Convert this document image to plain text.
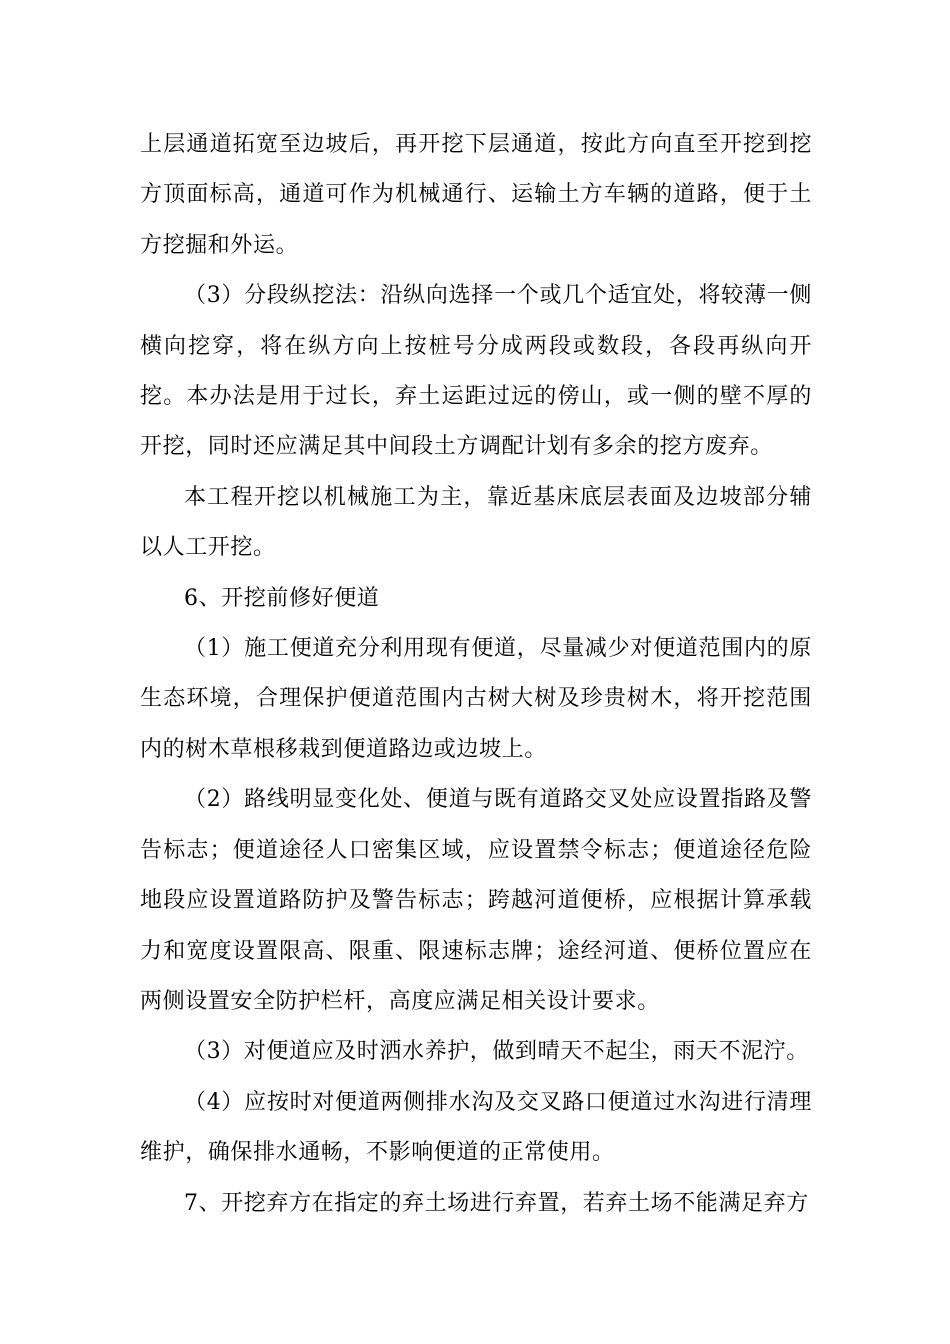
上层通道拓宽至边坡后，再开挖下层通道，按此方向直至开挖到挖方顶面标高，通道可作为机械通行、运输土方车辆的道路，便于土方挖掘和外运。

（3）分段纵挖法：沿纵向选择一个或几个适宜处，将较薄一侧横向挖穿，将在纵方向上按桩号分成两段或数段，各段再纵向开挖。本办法是用于过长，弃土运距过远的傍山，或一侧的壁不厚的开挖，同时还应满足其中间段土方调配计划有多余的挖方废弃。

本工程开挖以机械施工为主，靠近基床底层表面及边坡部分辅以人工开挖。

6、开挖前修好便道

（1）施工便道充分利用现有便道，尽量减少对便道范围内的原生态环境，合理保护便道范围内古树大树及珍贵树木，将开挖范围内的树木草根移栽到便道路边或边坡上。

（2）路线明显变化处、便道与既有道路交叉处应设置指路及警告标志；便道途径人口密集区域，应设置禁令标志；便道途径危险地段应设置道路防护及警告标志；跨越河道便桥，应根据计算承载力和宽度设置限高、限重、限速标志牌；途经河道、便桥位置应在两侧设置安全防护栏杆，高度应满足相关设计要求。

（3）对便道应及时洒水养护，做到晴天不起尘，雨天不泥泞。

（4）应按时对便道两侧排水沟及交叉路口便道过水沟进行清理维护，确保排水通畅，不影响便道的正常使用。

7、开挖弃方在指定的弃土场进行弃置，若弃土场不能满足弃方
